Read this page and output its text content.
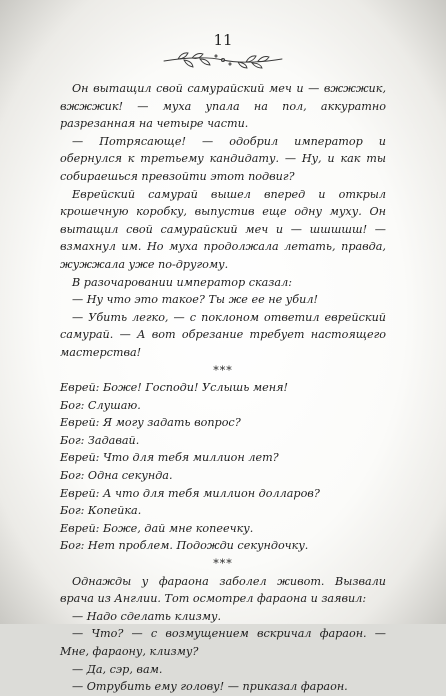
11

Он вытащил свой самурайский меч и — вжжжик, вжжжик! — муха упала на пол, аккуратно разрезанная на четыре части.

— Потрясающе! — одобрил император и обернулся к третьему кандидату. — Ну, и как ты собираешься превзойти этот подвиг?

Еврейский самурай вышел вперед и открыл крошечную коробку, выпустив еще одну муху. Он вытащил свой самурайский меч и — шшшшш! — взмахнул им. Но муха продолжала летать, правда, жужжала уже по-другому.

В разочаровании император сказал:

— Ну что это такое? Ты же ее не убил!

— Убить легко, — с поклоном ответил еврейский самурай. — А вот обрезание требует настоящего мастерства!

***

Еврей: Боже! Господи! Услышь меня!

Бог: Слушаю.

Еврей: Я могу задать вопрос?

Бог: Задавай.

Еврей: Что для тебя миллион лет?

Бог: Одна секунда.

Еврей: А что для тебя миллион долларов?

Бог: Копейка.

Еврей: Боже, дай мне копеечку.

Бог: Нет проблем. Подожди секундочку.

***

Однажды у фараона заболел живот. Вызвали врача из Англии. Тот осмотрел фараона и заявил:

— Надо сделать клизму.

— Что? — с возмущением вскричал фараон. — Мне, фараону, клизму?

— Да, сэр, вам.

— Отрубить ему голову! — приказал фараон.
